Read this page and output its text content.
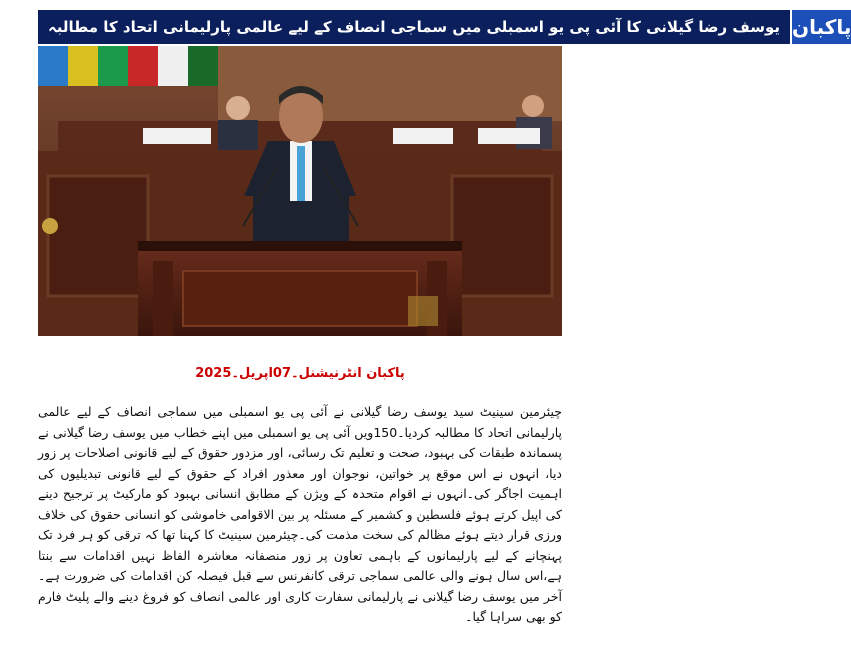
یوسف رضا گیلانی کا آئی پی یو اسمبلی میں سماجی انصاف کے لیے عالمی پارلیمانی اتحاد کا مطالبہ پاکبان
پاکبان انٹرنیشنل۔07اپریل۔2025
چیئرمین سینیٹ سید یوسف رضا گیلانی نے آئی پی یو اسمبلی میں سماجی انصاف کے لیے عالمی پارلیمانی اتحاد کا مطالبہ کردیا۔150ویں آئی پی یو اسمبلی میں اپنے خطاب میں یوسف رضا گیلانی نے پسماندہ طبقات کی بہبود، صحت و تعلیم تک رسائی، اور مزدور حقوق کے لیے قانونی اصلاحات پر زور دیا، انہوں نے اس موقع پر خواتین، نوجوان اور معذور افراد کے حقوق کے لیے قانونی تبدیلیوں کی اہمیت اجاگر کی۔انہوں نے اقوام متحدہ کے ویژن کے مطابق انسانی بہبود کو مارکیٹ پر ترجیح دینے کی اپیل کرتے ہوئے فلسطین و کشمیر کے مسئلہ پر بین الاقوامی خاموشی کو انسانی حقوق کی خلاف ورزی قرار دیتے ہوئے مظالم کی سخت مذمت کی۔چیئرمین سینیٹ کا کہنا تھا کہ ترقی کو ہر فرد تک پہنچانے کے لیے پارلیمانوں کے باہمی تعاون پر زور منصفانہ معاشرہ الفاظ نہیں اقدامات سے بنتا ہے،اس سال ہونے والی عالمی سماجی ترقی کانفرنس سے قبل فیصلہ کن اقدامات کی ضرورت ہے۔آخر میں یوسف رضا گیلانی نے پارلیمانی سفارت کاری اور عالمی انصاف کو فروغ دینے والے پلیٹ فارم کو بھی سراہا گیا۔
